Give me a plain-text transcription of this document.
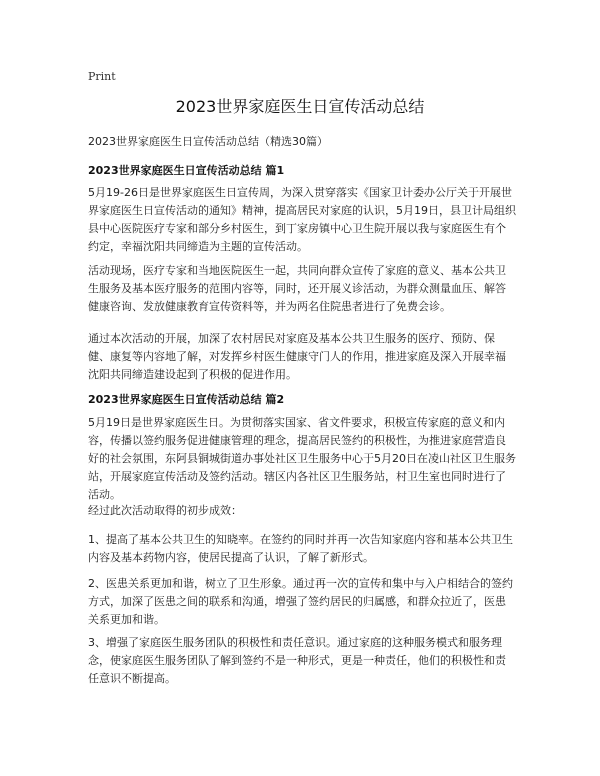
Print
2023世界家庭医生日宣传活动总结
2023世界家庭医生日宣传活动总结（精选30篇）
2023世界家庭医生日宣传活动总结 篇1

5月19-26日是世界家庭医生日宣传周，为深入贯穿落实《国家卫计委办公厅关于开展世界家庭医生日宣传活动的通知》精神，提高居民对家庭的认识，5月19日，县卫计局组织县中心医院医疗专家和部分乡村医生，到丁家房镇中心卫生院开展以我与家庭医生有个约定，幸福沈阳共同缔造为主题的宣传活动。

活动现场，医疗专家和当地医院医生一起，共同向群众宣传了家庭的意义、基本公共卫生服务及基本医疗服务的范围内容等，同时，还开展义诊活动，为群众测量血压、解答健康咨询、发放健康教育宣传资料等，并为两名住院患者进行了免费会诊。

通过本次活动的开展，加深了农村居民对家庭及基本公共卫生服务的医疗、预防、保健、康复等内容地了解，对发挥乡村医生健康守门人的作用，推进家庭及深入开展幸福沈阳共同缔造建设起到了积极的促进作用。

2023世界家庭医生日宣传活动总结 篇2

5月19日是世界家庭医生日。为贯彻落实国家、省文件要求，积极宣传家庭的意义和内容，传播以签约服务促进健康管理的理念，提高居民签约的积极性，为推进家庭营造良好的社会氛围，东阿县铜城街道办事处社区卫生服务中心于5月20日在凌山社区卫生服务站，开展家庭宣传活动及签约活动。辖区内各社区卫生服务站，村卫生室也同时进行了活动。

经过此次活动取得的初步成效：

1、提高了基本公共卫生的知晓率。在签约的同时并再一次告知家庭内容和基本公共卫生内容及基本药物内容，使居民提高了认识，了解了新形式。

2、医患关系更加和谐，树立了卫生形象。通过再一次的宣传和集中与入户相结合的签约方式，加深了医患之间的联系和沟通，增强了签约居民的归属感，和群众拉近了，医患关系更加和谐。

3、增强了家庭医生服务团队的积极性和责任意识。通过家庭的这种服务模式和服务理念，使家庭医生服务团队了解到签约不是一种形式，更是一种责任，他们的积极性和责任意识不断提高。
